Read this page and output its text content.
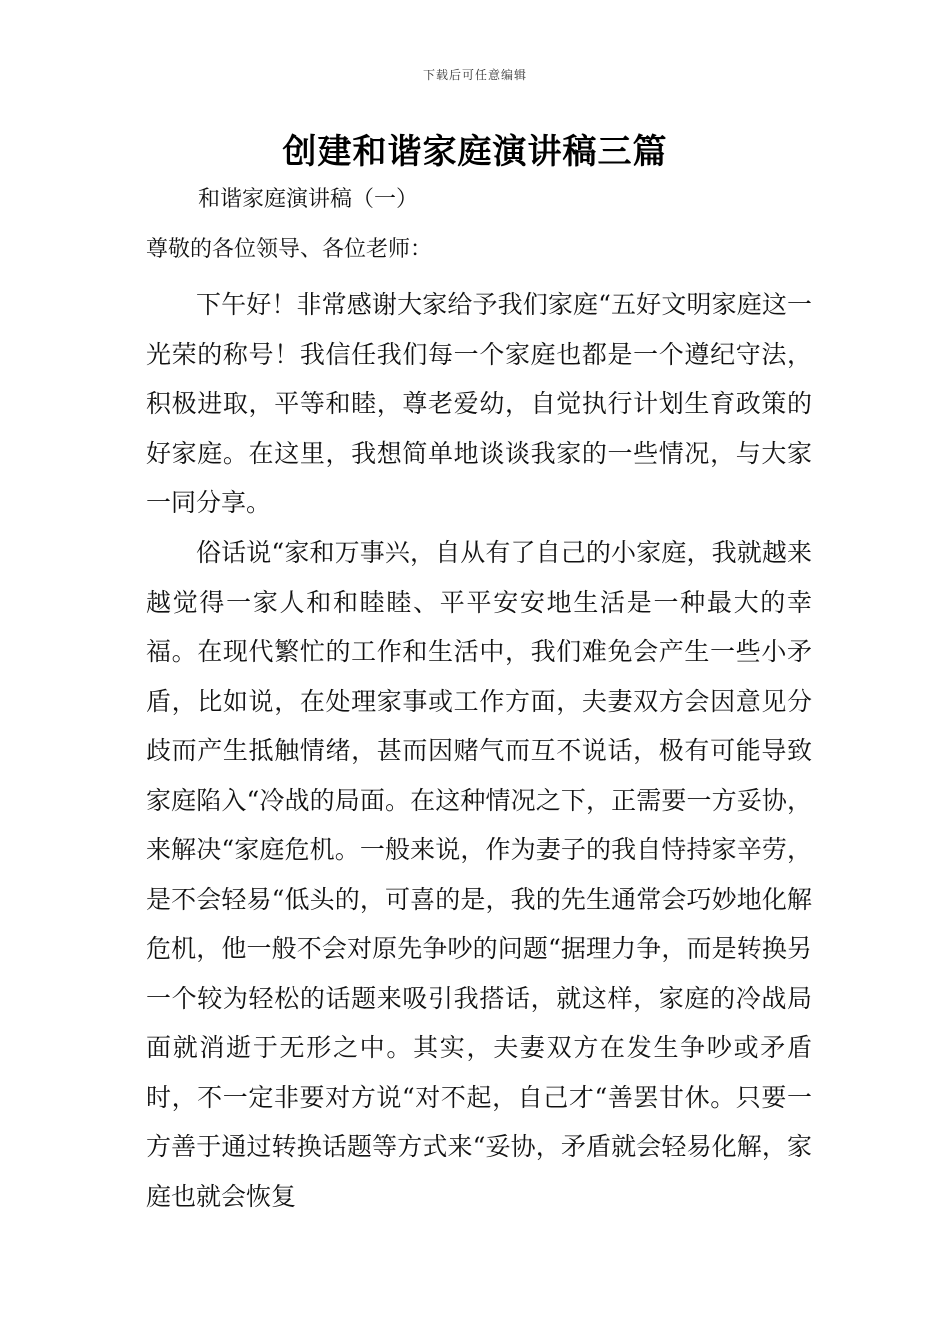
下载后可任意编辑
创建和谐家庭演讲稿三篇

和谐家庭演讲稿（一）

尊敬的各位领导、各位老师：

下午好！非常感谢大家给予我们家庭“五好文明家庭这一光荣的称号！我信任我们每一个家庭也都是一个遵纪守法，积极进取，平等和睦，尊老爱幼，自觉执行计划生育政策的好家庭。在这里，我想简单地谈谈我家的一些情况，与大家一同分享。

俗话说“家和万事兴，自从有了自己的小家庭，我就越来越觉得一家人和和睦睦、平平安安地生活是一种最大的幸福。在现代繁忙的工作和生活中，我们难免会产生一些小矛盾，比如说，在处理家事或工作方面，夫妻双方会因意见分歧而产生抵触情绪，甚而因赌气而互不说话，极有可能导致家庭陷入“冷战的局面。在这种情况之下，正需要一方妥协，来解决“家庭危机。一般来说，作为妻子的我自恃持家辛劳，是不会轻易“低头的，可喜的是，我的先生通常会巧妙地化解危机，他一般不会对原先争吵的问题“据理力争，而是转换另一个较为轻松的话题来吸引我搭话，就这样，家庭的冷战局面就消逝于无形之中。其实，夫妻双方在发生争吵或矛盾时，不一定非要对方说“对不起，自己才“善罢甘休。只要一方善于通过转换话题等方式来“妥协，矛盾就会轻易化解，家庭也就会恢复
